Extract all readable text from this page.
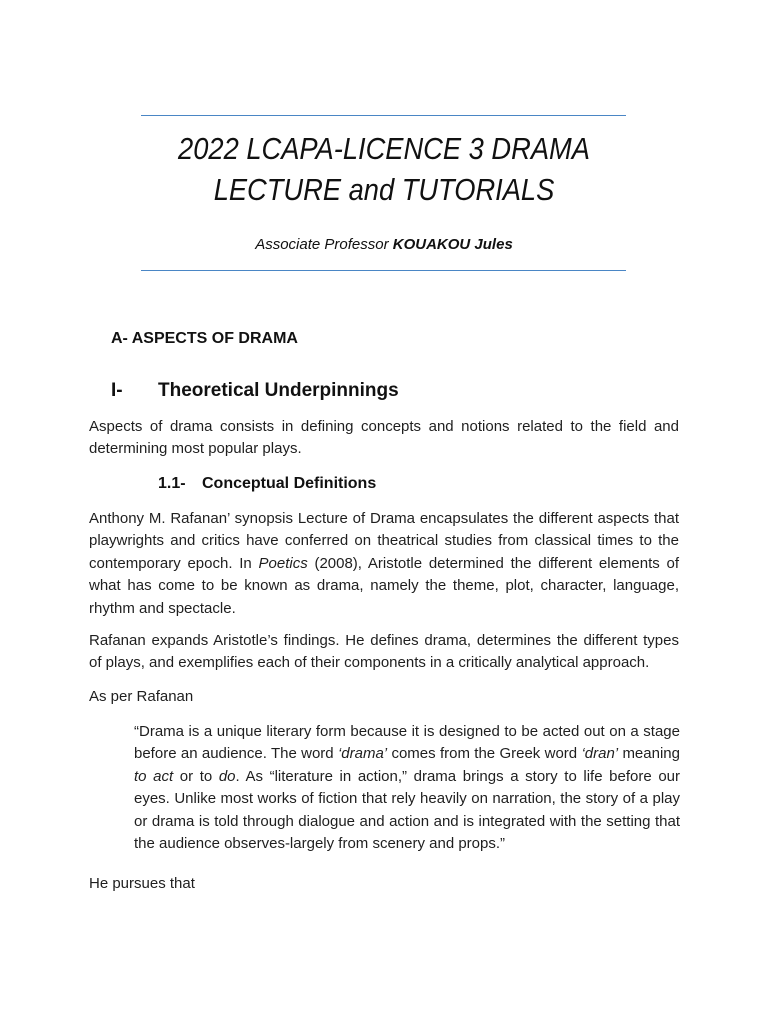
2022 LCAPA-LICENCE 3 DRAMA
LECTURE and TUTORIALS
Associate Professor KOUAKOU Jules
A- ASPECTS OF DRAMA
I- Theoretical Underpinnings
Aspects of drama consists in defining concepts and notions related to the field and determining most popular plays.
1.1- Conceptual Definitions
Anthony M. Rafanan’ synopsis Lecture of Drama encapsulates the different aspects that playwrights and critics have conferred on theatrical studies from classical times to the contemporary epoch. In Poetics (2008), Aristotle determined the different elements of what has come to be known as drama, namely the theme, plot, character, language, rhythm and spectacle.
Rafanan expands Aristotle’s findings. He defines drama, determines the different types of plays, and exemplifies each of their components in a critically analytical approach.
As per Rafanan
“Drama is a unique literary form because it is designed to be acted out on a stage before an audience. The word ‘drama’ comes from the Greek word ‘dran’ meaning to act or to do. As “literature in action,” drama brings a story to life before our eyes. Unlike most works of fiction that rely heavily on narration, the story of a play or drama is told through dialogue and action and is integrated with the setting that the audience observes-largely from scenery and props.”
He pursues that
